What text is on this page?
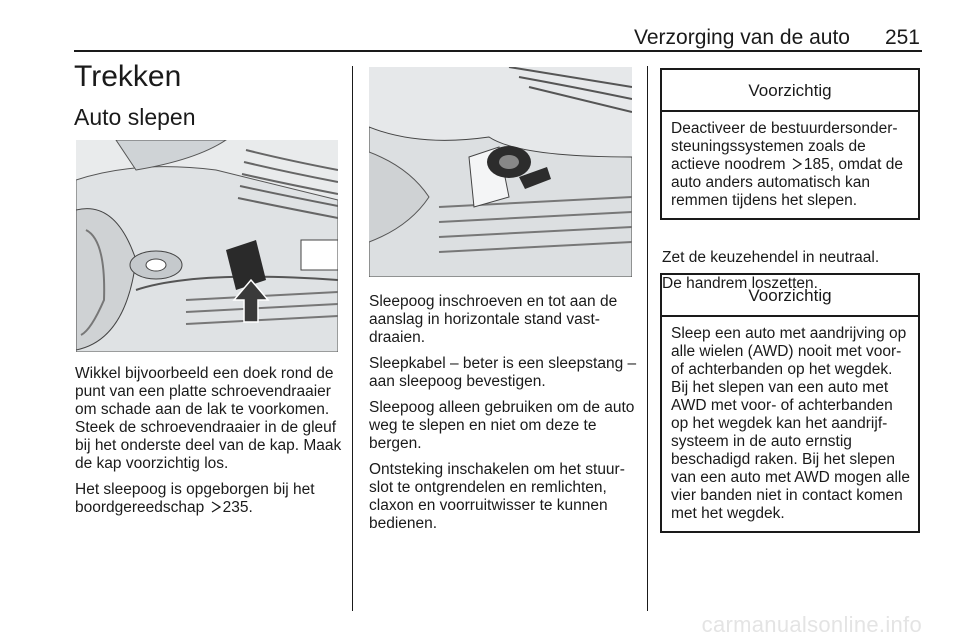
Verzorging van de auto 251
Trekken
Auto slepen

Wikkel bijvoorbeeld een doek rond de punt van een platte schroevendraaier om schade aan de lak te voorkomen. Steek de schroevendraaier in de gleuf bij het onderste deel van de kap. Maak de kap voorzichtig los.

Het sleepoog is opgeborgen bij het boordgereedschap 235.

Sleepoog inschroeven en tot aan de aanslag in horizontale stand vast-draaien.

Sleepkabel – beter is een sleepstang – aan sleepoog bevestigen.

Sleepoog alleen gebruiken om de auto weg te slepen en niet om deze te bergen.

Ontsteking inschakelen om het stuur-slot te ontgrendelen en remlichten, claxon en voorruitwisser te kunnen bedienen.

Voorzichtig

Deactiveer de bestuurdersonder-steuningssystemen zoals de actieve noodrem 185, omdat de auto anders automatisch kan remmen tijdens het slepen.

Zet de keuzehendel in neutraal.

De handrem loszetten.

Voorzichtig

Sleep een auto met aandrijving op alle wielen (AWD) nooit met voor- of achterbanden op het wegdek. Bij het slepen van een auto met AWD met voor- of achterbanden op het wegdek kan het aandrijf-systeem in de auto ernstig beschadigd raken. Bij het slepen van een auto met AWD mogen alle vier banden niet in contact komen met het wegdek.

carmanualsonline.info
